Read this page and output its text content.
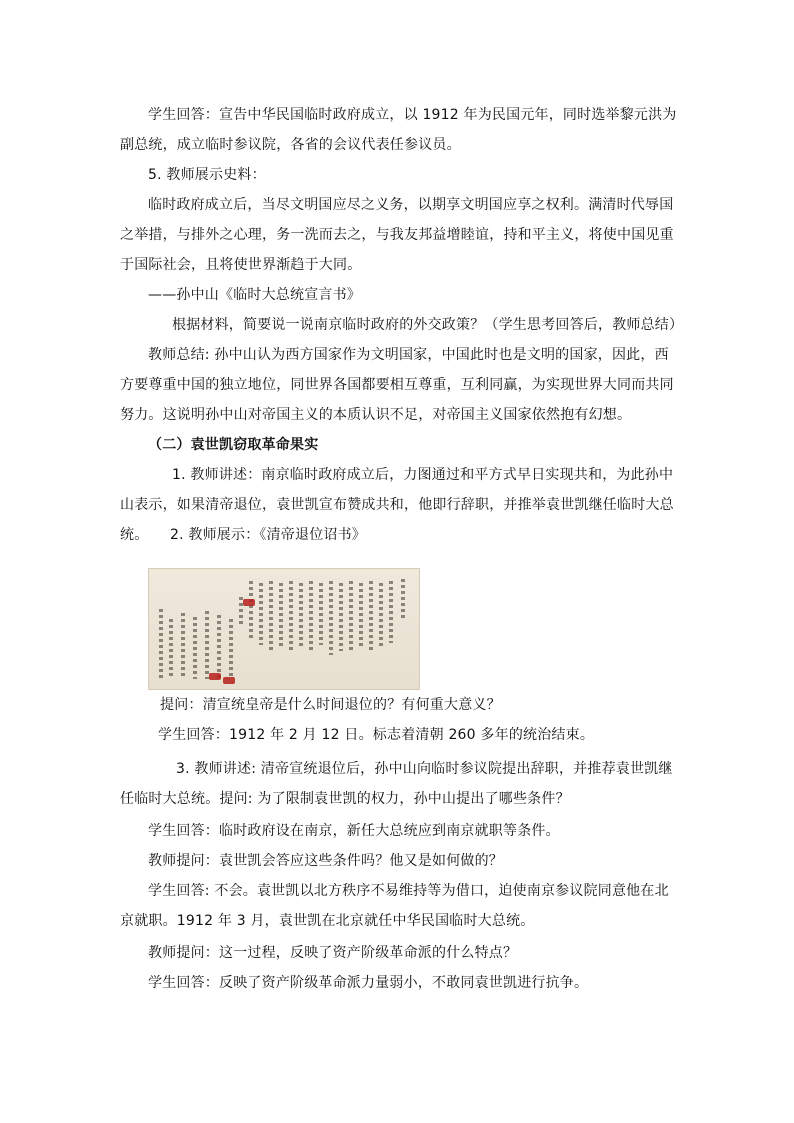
学生回答：宣告中华民国临时政府成立，以 1912 年为民国元年，同时选举黎元洪为副总统，成立临时参议院，各省的会议代表任参议员。

5. 教师展示史料：

临时政府成立后，当尽文明国应尽之义务，以期享文明国应享之权利。满清时代辱国之举措，与排外之心理，务一洗而去之，与我友邦益增睦谊，持和平主义，将使中国见重于国际社会，且将使世界渐趋于大同。

——孙中山《临时大总统宣言书》

根据材料，简要说一说南京临时政府的外交政策？（学生思考回答后，教师总结）

教师总结: 孙中山认为西方国家作为文明国家，中国此时也是文明的国家，因此，西方要尊重中国的独立地位，同世界各国都要相互尊重，互利同赢，为实现世界大同而共同努力。这说明孙中山对帝国主义的本质认识不足，对帝国主义国家依然抱有幻想。

（二）袁世凯窃取革命果实

1. 教师讲述：南京临时政府成立后，力图通过和平方式早日实现共和，为此孙中山表示，如果清帝退位，袁世凯宣布赞成共和，他即行辞职，并推举袁世凯继任临时大总统。	2. 教师展示：《清帝退位诏书》

提问：清宣统皇帝是什么时间退位的？有何重大意义？

学生回答：1912 年 2 月 12 日。标志着清朝 260 多年的统治结束。

3. 教师讲述: 清帝宣统退位后，孙中山向临时参议院提出辞职，并推荐袁世凯继任临时大总统。提问: 为了限制袁世凯的权力，孙中山提出了哪些条件？

学生回答：临时政府设在南京，新任大总统应到南京就职等条件。

教师提问：袁世凯会答应这些条件吗？他又是如何做的？

学生回答: 不会。袁世凯以北方秩序不易维持等为借口，迫使南京参议院同意他在北京就职。1912 年 3 月，袁世凯在北京就任中华民国临时大总统。

教师提问：这一过程，反映了资产阶级革命派的什么特点？

学生回答：反映了资产阶级革命派力量弱小，不敢同袁世凯进行抗争。
